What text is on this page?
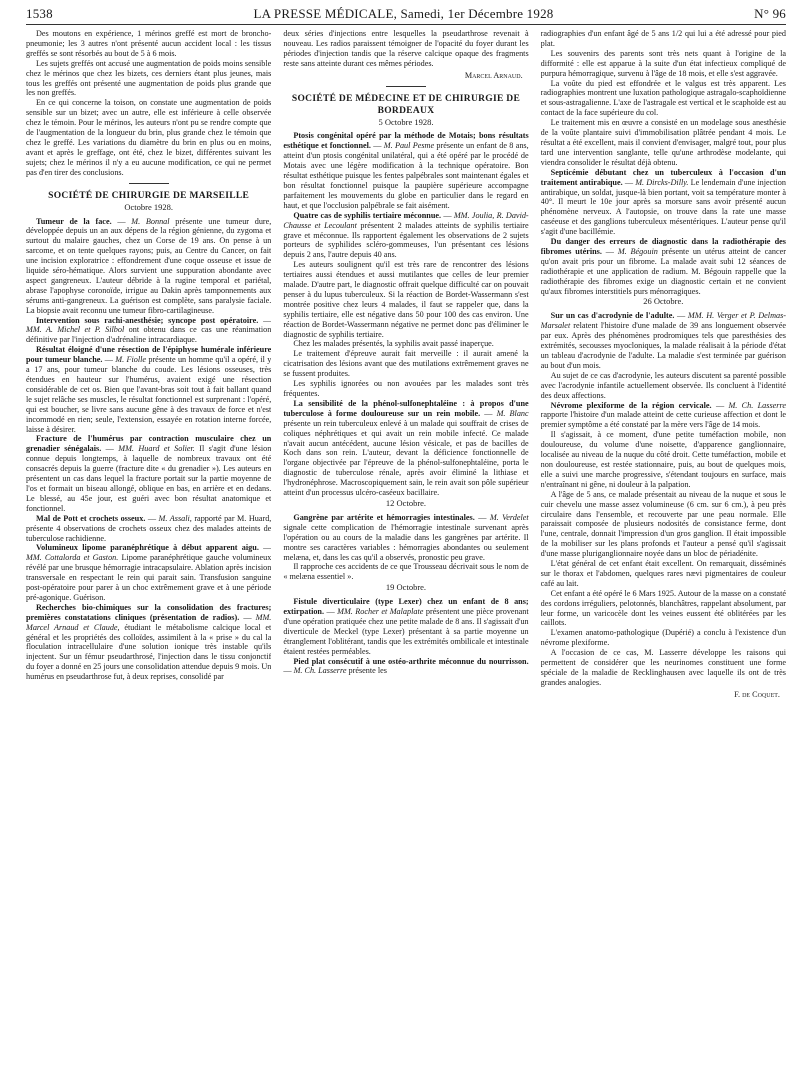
1538	LA PRESSE MÉDICALE, Samedi, 1er Décembre 1928	N° 96

Des moutons en expérience, 1 mérinos greffé est mort de broncho-pneumonie; les 3 autres n'ont présenté aucun accident local : les tissus greffés se sont résorbés au bout de 5 à 6 mois.

Les sujets greffés ont accusé une augmentation de poids moins sensible chez le mérinos que chez les bizets, ces derniers étant plus jeunes, mais tous les greffés ont présenté une augmentation de poids plus grande que les non greffés.

En ce qui concerne la toison, on constate une augmentation de poids sensible sur un bizet; avec un autre, elle est inférieure à celle observée chez le témoin. Pour le mérinos, les auteurs n'ont pu se rendre compte que de l'augmentation de la longueur du brin, plus grande chez le témoin que chez le greffé. Les variations du diamètre du brin en plus ou en moins, avant et après le greffage, ont été, chez le bizet, différentes suivant les sujets; chez le mérinos il n'y a eu aucune modification, ce qui ne permet pas d'en tirer des conclusions.

SOCIÉTÉ DE CHIRURGIE DE MARSEILLE
Octobre 1928.

Tumeur de la face. — M. Bonnal présente une tumeur dure, développée depuis un an aux dépens de la région génienne, du zygoma et surtout du malaire gauches, chez un Corse de 19 ans. On pense à un sarcome, et on tente quelques rayons; puis, au Centre du Cancer, on fait une incision exploratrice : effondrement d'une coque osseuse et issue de liquide séro-hématique. Alors survient une suppuration abondante avec aspect gangreneux. L'auteur débride à la rugine temporal et pariétal, abrase l'apophyse coronoïde, irrigue au Dakin après tamponnements aux sérums anti-gangreneux. La guérison est complète, sans paralysie faciale. La biopsie avait reconnu une tumeur fibro-cartilagineuse.

Intervention sous rachi-anesthésie; syncope post opératoire. — MM. A. Michel et P. Silbol ont obtenu dans ce cas une réanimation définitive par l'injection d'adrénaline intracardiaque.

Résultat éloigné d'une résection de l'épiphyse humérale inférieure pour tumeur blanche. — M. Fiolle présente un homme qu'il a opéré, il y a 17 ans, pour tumeur blanche du coude. Les lésions osseuses, très étendues en hauteur sur l'humérus, avaient exigé une résection considérable de cet os. Bien que l'avant-bras soit tout à fait ballant quand le sujet relâche ses muscles, le résultat fonctionnel est surprenant : l'opéré, qui est boucher, se livre sans aucune gêne à des travaux de force et n'est incommodé en rien; seule, l'extension, essayée en rotation interne forcée, laisse à désirer.

Fracture de l'humérus par contraction musculaire chez un grenadier sénégalais. — MM. Huard et Solier. Il s'agit d'une lésion connue depuis longtemps, à laquelle de nombreux travaux ont été consacrés depuis la guerre (fracture dite « du grenadier »). Les auteurs en présentent un cas dans lequel la fracture portait sur la partie moyenne de l'os et formait un biseau allongé, oblique en bas, en arrière et en dedans. Le blessé, au 45e jour, est guéri avec bon résultat anatomique et fonctionnel.

Mal de Pott et crochets osseux. — M. Assali, rapporté par M. Huard, présente 4 observations de crochets osseux chez des malades atteints de tuberculose rachidienne.

Volumineux lipome paranéphrétique à début apparent aigu. — MM. Cottalorda et Gaston. Lipome paranéphrétique gauche volumineux révélé par une brusque hémorragie intracapsulaire. Ablation après incision transversale en respectant le rein qui parait sain. Transfusion sanguine post-opératoire pour parer à un choc extrêmement grave et à une période pré-agonique. Guérison.

Recherches bio-chimiques sur la consolidation des fractures; premières constatations cliniques (présentation de radios). — MM. Marcel Arnaud et Claude, étudiant le métabolisme calcique local et général et les propriétés des colloïdes, assimilent à la « prise » du cal la floculation intracellulaire d'une solution ionique très instable qu'ils injectent. Sur un fémur pseudarthrosé, l'injection dans le tissu conjonctif du foyer a donné en 25 jours une consolidation attendue depuis 9 mois. Un humérus en pseudarthrose fut, à deux reprises, consolidé par

deux séries d'injections entre lesquelles la pseudarthrose revenait à nouveau. Les radios paraissent témoigner de l'opacité du foyer durant les périodes d'injection tandis que la réserve calcique opaque des fragments reste sans atteinte durant ces mêmes périodes.

Marcel Arnaud.
SOCIÉTÉ DE MÉDECINE ET DE CHIRURGIE DE BORDEAUX
5 Octobre 1928.

Ptosis congénital opéré par la méthode de Motais; bons résultats esthétique et fonctionnel. — M. Paul Pesme présente un enfant de 8 ans, atteint d'un ptosis congénital unilatéral, qui a été opéré par le procédé de Motais avec une légère modification à la technique opératoire. Bon résultat esthétique puisque les fentes palpébrales sont maintenant égales et bon résultat fonctionnel puisque la paupière supérieure accompagne parfaitement les mouvements du globe en particulier dans le regard en haut, et que l'occlusion palpébrale se fait aisément.

Quatre cas de syphilis tertiaire méconnue. — MM. Joulia, R. David-Chausse et Lecoulant présentent 2 malades atteints de syphilis tertiaire grave et méconnue. Ils rapportent également les observations de 2 sujets porteurs de syphilides scléro-gommeuses, l'un présentant ces lésions depuis 2 ans, l'autre depuis 40 ans.

Les auteurs soulignent qu'il est très rare de rencontrer des lésions tertiaires aussi étendues et aussi mutilantes que celles de leur premier malade. D'autre part, le diagnostic offrait quelque difficulté car on pouvait penser à du lupus tuberculeux. Si la réaction de Bordet-Wassermann s'est montrée positive chez leurs 4 malades, il faut se rappeler que, dans la syphilis tertiaire, elle est négative dans 50 pour 100 des cas environ. Une réaction de Bordet-Wassermann négative ne permet donc pas d'éliminer le diagnostic de syphilis tertiaire.

Chez les malades présentés, la syphilis avait passé inaperçue.

Le traitement d'épreuve aurait fait merveille : il aurait amené la cicatrisation des lésions avant que des mutilations extrêmement graves ne se fussent produites.

Les syphilis ignorées ou non avouées par les malades sont très fréquentes.

La sensibilité de la phénol-sulfonephtaléine : à propos d'une tuberculose à forme douloureuse sur un rein mobile. — M. Blanc présente un rein tuberculeux enlevé à un malade qui souffrait de crises de coliques néphrétiques et qui avait un rein mobile infecté. Ce malade n'avait aucun antécédent, aucune lésion vésicale, et pas de bacilles de Koch dans son rein. L'auteur, devant la déficience fonctionnelle de l'organe objectivée par l'épreuve de la phénol-sulfonephtaléine, porta le diagnostic de tuberculose rénale, après avoir éliminé la lithiase et l'hydronéphrose. Macroscopiquement sain, le rein avait son pôle supérieur atteint d'un processus ulcéro-caséeux bacillaire.

12 Octobre.

Gangrène par artérite et hémorragies intestinales. — M. Verdelet signale cette complication de l'hémorragie intestinale survenant après l'opération ou au cours de la maladie dans les gangrènes par artérite. Il montre ses caractères variables : hémorragies abondantes ou seulement melæna, et, dans les cas qu'il a observés, pronostic peu grave.

Il rapproche ces accidents de ce que Trousseau décrivait sous le nom de « melæna essentiel ».

19 Octobre.

Fistule diverticulaire (type Lexer) chez un enfant de 8 ans; extirpation. — MM. Rocher et Malaplate présentent une pièce provenant d'une opération pratiquée chez une petite malade de 8 ans. Il s'agissait d'un diverticule de Meckel (type Lexer) présentant à sa partie moyenne un étranglement l'oblitérant, tandis que les extrémités ombilicale et intestinale étaient restées perméables.

Pied plat consécutif à une ostéo-arthrite méconnue du nourrisson. — M. Ch. Lasserre présente les

radiographies d'un enfant âgé de 5 ans 1/2 qui lui a été adressé pour pied plat.

Les souvenirs des parents sont très nets quant à l'origine de la difformité : elle est apparue à la suite d'un état infectieux compliqué de purpura hémorragique, survenu à l'âge de 18 mois, et elle s'est aggravée.

La voûte du pied est effondrée et le valgus est très apparent. Les radiographies montrent une luxation pathologique astragalo-scaphoïdienne et sous-astragalienne. L'axe de l'astragale est vertical et le scaphoïde est au contact de la face supérieure du col.

Le traitement mis en œuvre a consisté en un modelage sous anesthésie de la voûte plantaire suivi d'immobilisation plâtrée pendant 4 mois. Le résultat a été excellent, mais il convient d'envisager, malgré tout, pour plus tard une intervention sanglante, telle qu'une arthrodèse modelante, qui viendra consolider le résultat déjà obtenu.

Septicémie débutant chez un tuberculeux à l'occasion d'un traitement antirabique. — M. Dircks-Dilly. Le lendemain d'une injection antirabique, un soldat, jusque-là bien portant, voit sa température monter à 40°. Il meurt le 10e jour après sa morsure sans avoir présenté aucun phénomène nerveux. A l'autopsie, on trouve dans la rate une masse caséeuse et des ganglions tuberculeux mésentériques. L'auteur pense qu'il s'agit d'une bacillémie.

Du danger des erreurs de diagnostic dans la radiothérapie des fibromes utérins. — M. Bégouin présente un utérus atteint de cancer qu'on avait pris pour un fibrome. La malade avait subi 12 séances de radiothérapie et une application de radium. M. Bégouin rappelle que la radiothérapie des fibromes exige un diagnostic certain et ne convient qu'aux fibromes interstitiels purs ménorragiques.

26 Octobre.

Sur un cas d'acrodynie de l'adulte. — MM. H. Verger et P. Delmas-Marsalet relatent l'histoire d'une malade de 39 ans longuement observée par eux. Après des phénomènes prodromiques tels que paresthésies des extrémités, secousses myocloniques, la malade réalisait à la période d'état un tableau d'acrodynie de l'adulte. La maladie s'est terminée par guérison au bout d'un mois.

Au sujet de ce cas d'acrodynie, les auteurs discutent sa parenté possible avec l'acrodynie infantile actuellement observée. Ils concluent à l'identité des deux affections.

Névrome plexiforme de la région cervicale. — M. Ch. Lasserre rapporte l'histoire d'un malade atteint de cette curieuse affection et dont le premier symptôme a été constaté par la mère vers l'âge de 14 mois.

Il s'agissait, à ce moment, d'une petite tuméfaction mobile, non douloureuse, du volume d'une noisette, d'apparence ganglionnaire, localisée au niveau de la nuque du côté droit. Cette tuméfaction, mobile et non douloureuse, est restée stationnaire, puis, au bout de quelques mois, elle a suivi une marche progressive, s'étendant toujours en surface, mais n'entraînant ni gêne, ni douleur à la palpation.

A l'âge de 5 ans, ce malade présentait au niveau de la nuque et sous le cuir chevelu une masse assez volumineuse (6 cm. sur 6 cm.), à peu près circulaire dans l'ensemble, et recouverte par une peau normale. Elle paraissait composée de plusieurs nodosités de consistance ferme, dont l'une, centrale, donnait l'impression d'un gros ganglion. Il était impossible de la mobiliser sur les plans profonds et l'auteur a pensé qu'il s'agissait d'une masse pluriganglionnaire noyée dans un bloc de périadénite.

L'état général de cet enfant était excellent. On remarquait, disséminés sur le thorax et l'abdomen, quelques rares nævi pigmentaires de couleur café au lait.

Cet enfant a été opéré le 6 Mars 1925. Autour de la masse on a constaté des cordons irréguliers, pelotonnés, blanchâtres, rappelant absolument, par leur forme, un varicocèle dont les veines eussent été oblitérées par les caillots.

L'examen anatomo-pathologique (Dupérié) a conclu à l'existence d'un névrome plexiforme.

A l'occasion de ce cas, M. Lasserre développe les raisons qui permettent de considérer que les neurinomes constituent une forme spéciale de la maladie de Recklinghausen avec laquelle ils ont de très grandes analogies.

F. de Coquet.
